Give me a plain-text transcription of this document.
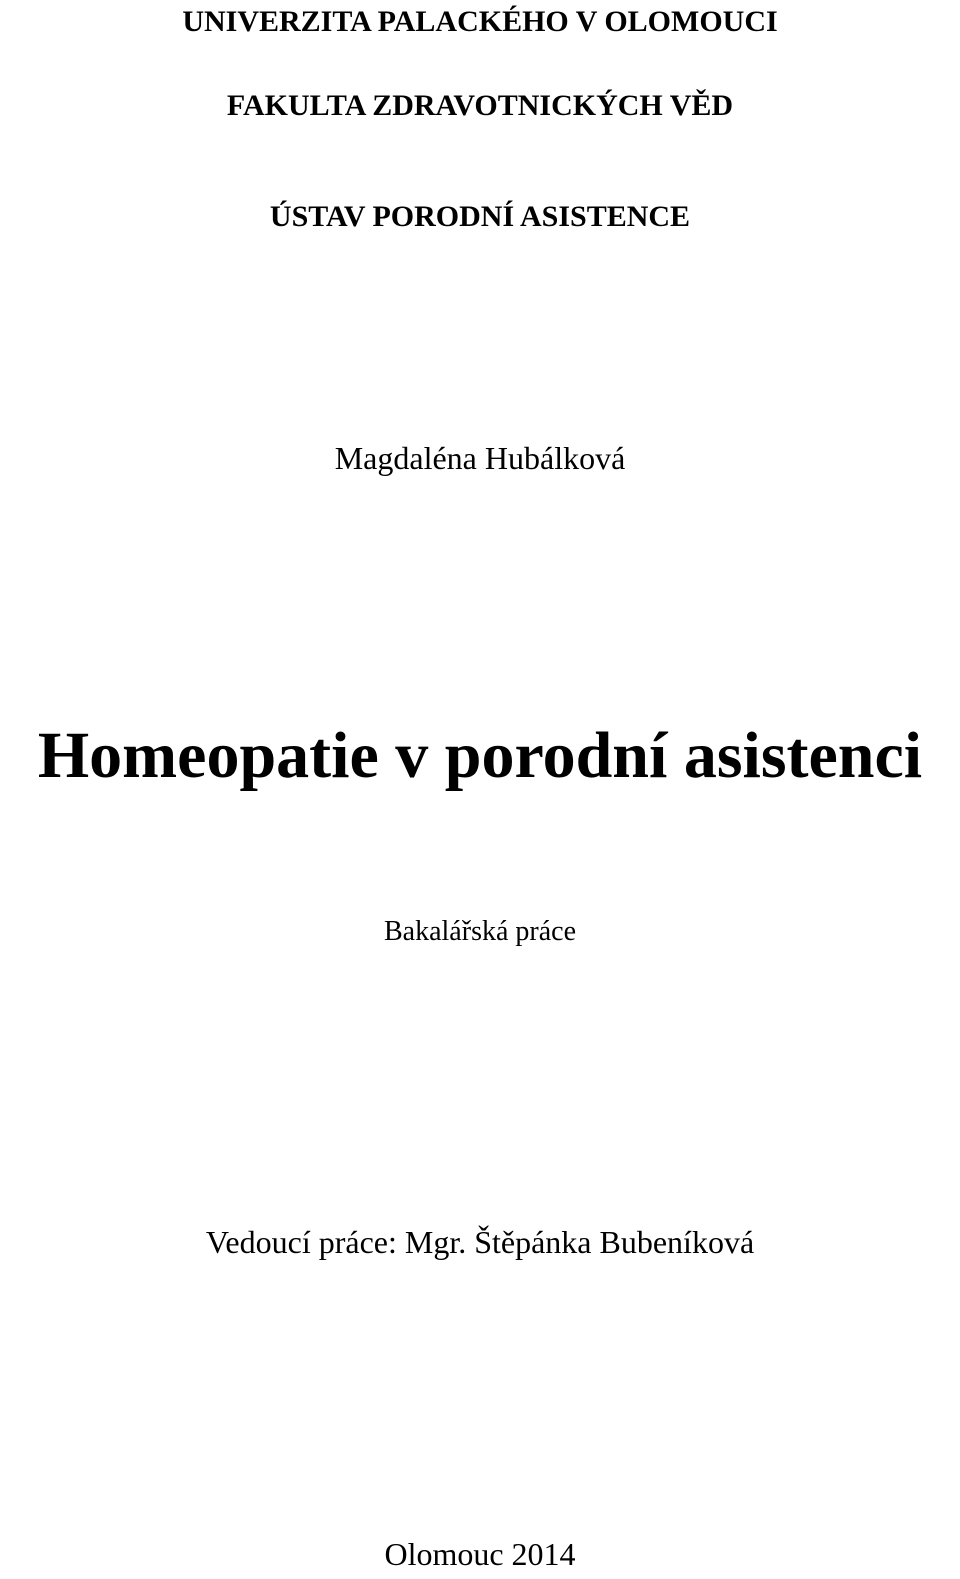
UNIVERZITA PALACKÉHO V OLOMOUCI
FAKULTA ZDRAVOTNICKÝCH VĚD
ÚSTAV PORODNÍ ASISTENCE
Magdaléna Hubálková
Homeopatie v porodní asistenci
Bakalářská práce
Vedoucí práce: Mgr. Štěpánka Bubeníková
Olomouc 2014
